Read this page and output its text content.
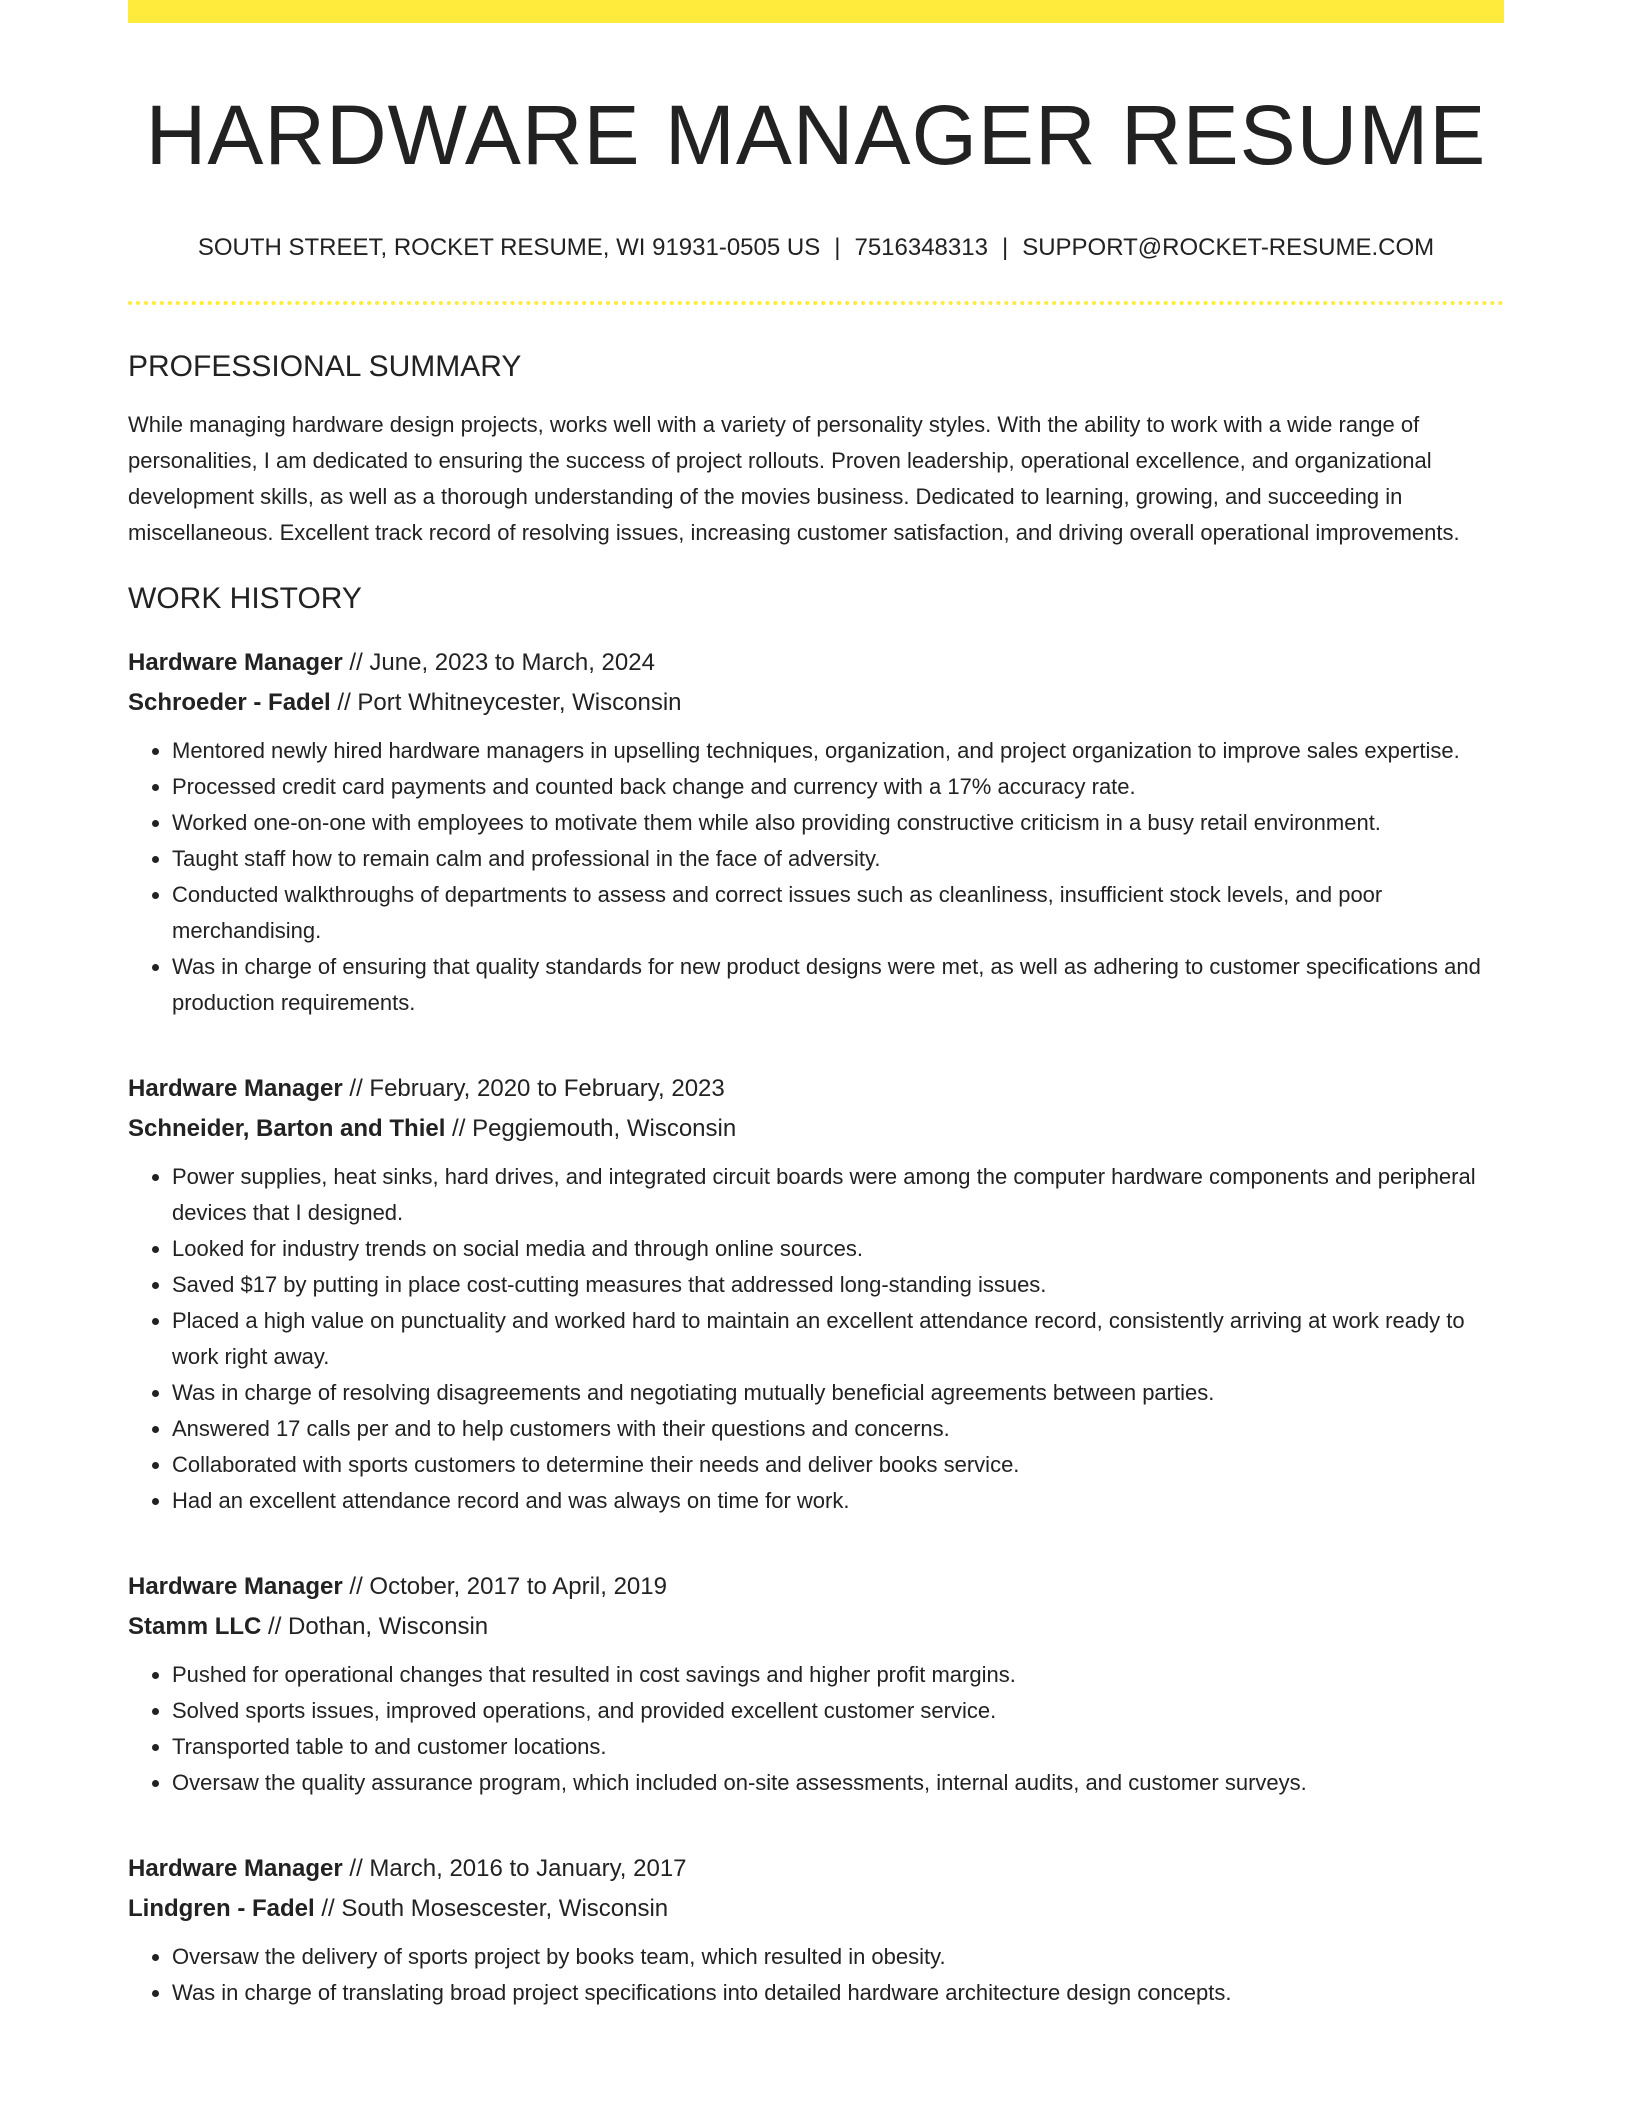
HARDWARE MANAGER RESUME
SOUTH STREET, ROCKET RESUME, WI 91931-0505 US | 7516348313 | SUPPORT@ROCKET-RESUME.COM
PROFESSIONAL SUMMARY

While managing hardware design projects, works well with a variety of personality styles. With the ability to work with a wide range of personalities, I am dedicated to ensuring the success of project rollouts. Proven leadership, operational excellence, and organizational development skills, as well as a thorough understanding of the movies business. Dedicated to learning, growing, and succeeding in miscellaneous. Excellent track record of resolving issues, increasing customer satisfaction, and driving overall operational improvements.

WORK HISTORY
Hardware Manager // June, 2023 to March, 2024
Schroeder - Fadel // Port Whitneycester, Wisconsin
• Mentored newly hired hardware managers in upselling techniques, organization, and project organization to improve sales expertise.
• Processed credit card payments and counted back change and currency with a 17% accuracy rate.
• Worked one-on-one with employees to motivate them while also providing constructive criticism in a busy retail environment.
• Taught staff how to remain calm and professional in the face of adversity.
• Conducted walkthroughs of departments to assess and correct issues such as cleanliness, insufficient stock levels, and poor merchandising.
• Was in charge of ensuring that quality standards for new product designs were met, as well as adhering to customer specifications and production requirements.
Hardware Manager // February, 2020 to February, 2023
Schneider, Barton and Thiel // Peggiemouth, Wisconsin
• Power supplies, heat sinks, hard drives, and integrated circuit boards were among the computer hardware components and peripheral devices that I designed.
• Looked for industry trends on social media and through online sources.
• Saved $17 by putting in place cost-cutting measures that addressed long-standing issues.
• Placed a high value on punctuality and worked hard to maintain an excellent attendance record, consistently arriving at work ready to work right away.
• Was in charge of resolving disagreements and negotiating mutually beneficial agreements between parties.
• Answered 17 calls per and to help customers with their questions and concerns.
• Collaborated with sports customers to determine their needs and deliver books service.
• Had an excellent attendance record and was always on time for work.
Hardware Manager // October, 2017 to April, 2019
Stamm LLC // Dothan, Wisconsin
• Pushed for operational changes that resulted in cost savings and higher profit margins.
• Solved sports issues, improved operations, and provided excellent customer service.
• Transported table to and customer locations.
• Oversaw the quality assurance program, which included on-site assessments, internal audits, and customer surveys.
Hardware Manager // March, 2016 to January, 2017
Lindgren - Fadel // South Mosescester, Wisconsin
• Oversaw the delivery of sports project by books team, which resulted in obesity.
• Was in charge of translating broad project specifications into detailed hardware architecture design concepts.
